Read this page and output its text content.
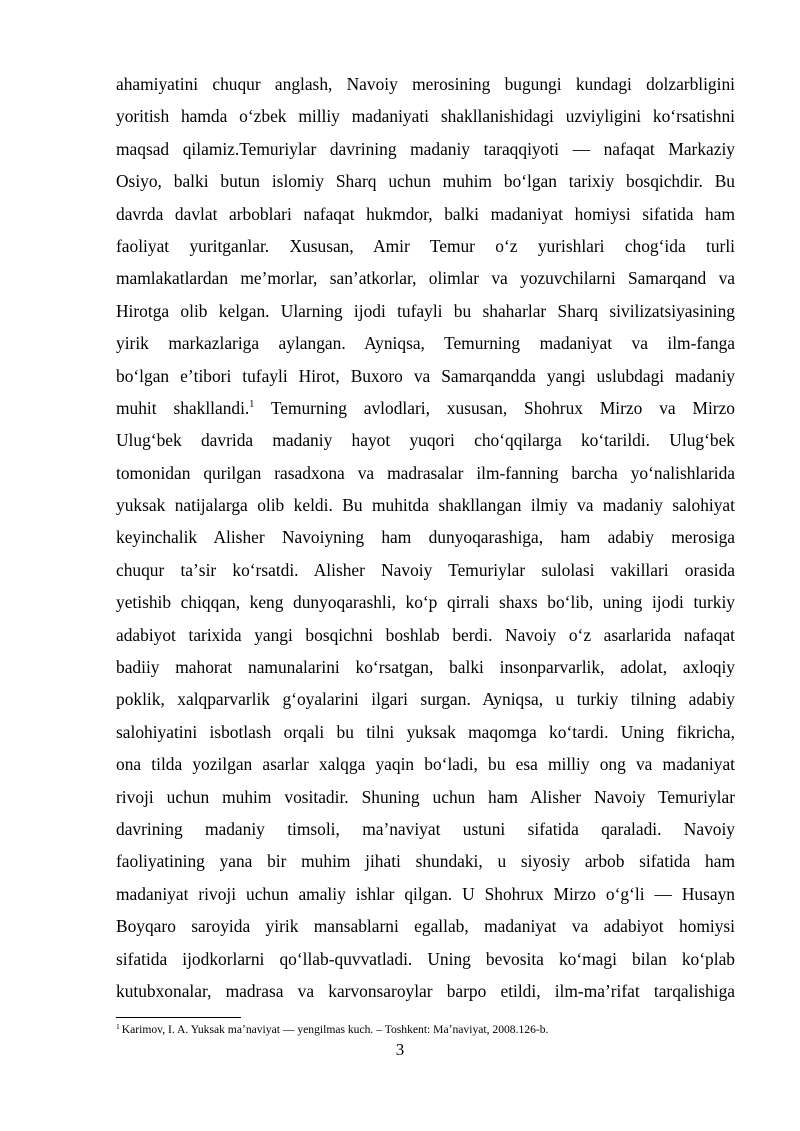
ahamiyatini chuqur anglash, Navoiy merosining bugungi kundagi dolzarbligini
yoritish hamda oʻzbek milliy madaniyati shakllanishidagi uzviyligini koʻrsatishni
maqsad qilamiz.Temuriylar davrining madaniy taraqqiyoti — nafaqat Markaziy
Osiyo, balki butun islomiy Sharq uchun muhim boʻlgan tarixiy bosqichdir. Bu
davrda davlat arboblari nafaqat hukmdor, balki madaniyat homiysi sifatida ham
faoliyat yuritganlar. Xususan, Amir Temur oʻz yurishlari chogʻida turli
mamlakatlardan meʼmorlar, sanʼatkorlar, olimlar va yozuvchilarni Samarqand va
Hirotga olib kelgan. Ularning ijodi tufayli bu shaharlar Sharq sivilizatsiyasining
yirik markazlariga aylangan. Ayniqsa, Temurning madaniyat va ilm-fanga
boʻlgan eʼtibori tufayli Hirot, Buxoro va Samarqandda yangi uslubdagi madaniy
muhit shakllandi.$^1$ Temurning avlodlari, xususan, Shohrux Mirzo va Mirzo
Ulugʻbek davrida madaniy hayot yuqori choʻqqilarga koʻtarildi. Ulugʻbek
tomonidan qurilgan rasadxona va madrasalar ilm-fanning barcha yoʻnalishlarida
yuksak natijalarga olib keldi. Bu muhitda shakllangan ilmiy va madaniy salohiyat
keyinchalik Alisher Navoiyning ham dunyoqarashiga, ham adabiy merosiga
chuqur taʼsir koʻrsatdi. Alisher Navoiy Temuriylar sulolasi vakillari orasida
yetishib chiqqan, keng dunyoqarashli, koʻp qirrali shaxs boʻlib, uning ijodi turkiy
adabiyot tarixida yangi bosqichni boshlab berdi. Navoiy oʻz asarlarida nafaqat
badiiy mahorat namunalarini koʻrsatgan, balki insonparvarlik, adolat, axloqiy
poklik, xalqparvarlik gʻoyalarini ilgari surgan. Ayniqsa, u turkiy tilning adabiy
salohiyatini isbotlash orqali bu tilni yuksak maqomga koʻtardi. Uning fikricha,
ona tilda yozilgan asarlar xalqga yaqin boʻladi, bu esa milliy ong va madaniyat
rivoji uchun muhim vositadir. Shuning uchun ham Alisher Navoiy Temuriylar
davrining madaniy timsoli, maʼnaviyat ustuni sifatida qaraladi. Navoiy
faoliyatining yana bir muhim jihati shundaki, u siyosiy arbob sifatida ham
madaniyat rivoji uchun amaliy ishlar qilgan. U Shohrux Mirzo oʻgʻli — Husayn
Boyqaro saroyida yirik mansablarni egallab, madaniyat va adabiyot homiysi
sifatida ijodkorlarni qoʻllab-quvvatladi. Uning bevosita koʻmagi bilan koʻplab
kutubxonalar, madrasa va karvonsaroylar barpo etildi, ilm-maʼrifat tarqalishiga
$^1$ Karimov, I. A. Yuksak maʼnaviyat — yengilmas kuch. – Toshkent: Maʼnaviyat, 2008.126-b.
3
